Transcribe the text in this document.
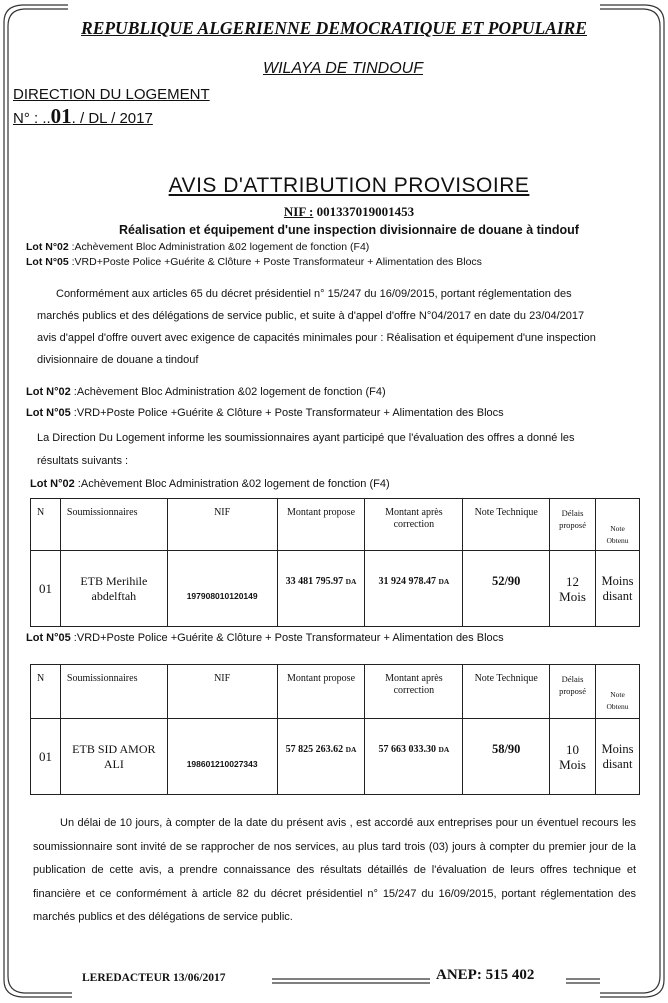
REPUBLIQUE ALGERIENNE DEMOCRATIQUE ET POPULAIRE
WILAYA DE TINDOUF
DIRECTION DU LOGEMENT
N° : ..01. / DL / 2017
AVIS D'ATTRIBUTION PROVISOIRE
NIF : 001337019001453
Réalisation et équipement d'une inspection divisionnaire de douane à tindouf
Lot N°02 :Achèvement Bloc Administration &02 logement de fonction (F4)
Lot N°05 :VRD+Poste Police +Guérite & Clôture + Poste Transformateur + Alimentation des Blocs
Conformément aux articles 65 du décret présidentiel n° 15/247 du 16/09/2015, portant réglementation des
marchés publics et des délégations de service public, et suite à d'appel d'offre N°04/2017 en date du 23/04/2017
avis d'appel d'offre ouvert avec exigence de capacités minimales pour : Réalisation et équipement d'une inspection
divisionnaire de douane a tindouf
Lot N°02 :Achèvement Bloc Administration &02 logement de fonction (F4)
Lot N°05 :VRD+Poste Police +Guérite & Clôture + Poste Transformateur + Alimentation des Blocs
La Direction Du Logement informe les soumissionnaires ayant participé que l'évaluation des offres a donné les
résultats suivants :
Lot N°02 :Achèvement Bloc Administration &02 logement de fonction (F4)
N	Soumissionnaires	NIF	Montant propose	Montant après correction	Note Technique	Délais proposé	Note
Obtenu
01	ETB Merihile
abdelftah	197908010120149	33 481 795.97 DA	31 924 978.47 DA	52/90	12
Mois	Moins
disant
Lot N°05 :VRD+Poste Police +Guérite & Clôture + Poste Transformateur + Alimentation des Blocs
N	Soumissionnaires	NIF	Montant propose	Montant après correction	Note Technique	Délais proposé	Note
Obtenu
01	ETB SID AMOR
ALI	198601210027343	57 825 263.62 DA	57 663 033.30 DA	58/90	10
Mois	Moins
disant
Un délai de 10 jours, à compter de la date du présent avis , est accordé aux entreprises pour un éventuel recours les soumissionnaire sont invité de se rapprocher de nos services, au plus tard trois (03) jours à compter du premier jour de la publication de cette avis, a prendre connaissance des résultats détaillés de l'évaluation de leurs offres technique et financière et ce conformément à article 82 du décret présidentiel n° 15/247 du 16/09/2015, portant réglementation des marchés publics et des délégations de service public.
LEREDACTEUR 13/06/2017	ANEP: 515 402
